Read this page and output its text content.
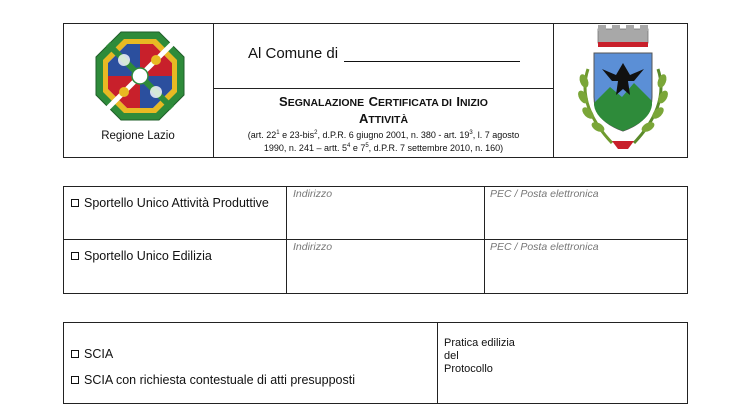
Regione Lazio
Al Comune di
SEGNALAZIONE CERTIFICATA DI INIZIO
ATTIVITÀ
(art. $22^1$ e 23-bis$^2$, d.P.R. 6 giugno 2001, n. 380 - art. $19^3$, l. 7 agosto
1990, n. 241 – artt. $5^4$ e $7^5$, d.P.R. 7 settembre 2010, n. 160)
Sportello Unico Attività Produttive
Indirizzo	PEC / Posta elettronica
Sportello Unico Edilizia
Indirizzo	PEC / Posta elettronica
SCIA
SCIA con richiesta contestuale di atti presupposti
Pratica edilizia
del
Protocollo
